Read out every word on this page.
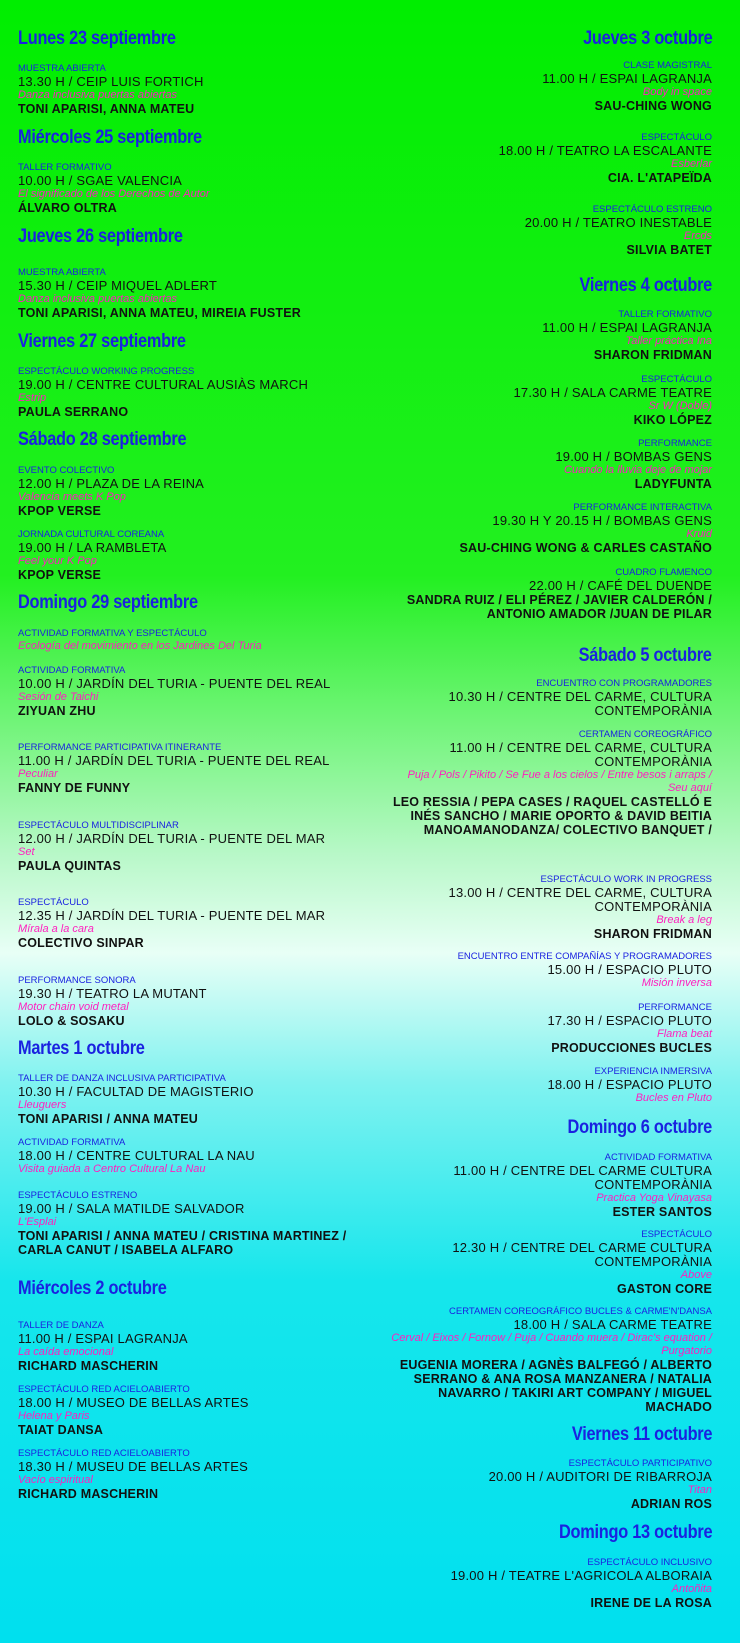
Lunes 23 septiembre
MUESTRA ABIERTA
13.30 H / CEIP LUIS FORTICH
Danza inclusiva puertas abiertas
TONI APARISI, ANNA MATEU
Miércoles 25 septiembre
TALLER FORMATIVO
10.00 H / SGAE VALENCIA
El significado de los Derechos de Autor
ÁLVARO OLTRA
Jueves 26 septiembre
MUESTRA ABIERTA
15.30 H / CEIP MIQUEL ADLERT
Danza inclusiva puertas abiertas
TONI APARISI, ANNA MATEU, MIREIA FUSTER
Viernes 27 septiembre
ESPECTÁCULO WORKING PROGRESS
19.00 H / CENTRE CULTURAL AUSIÀS MARCH
Estrip
PAULA SERRANO
Sábado 28 septiembre
EVENTO COLECTIVO
12.00 H / PLAZA DE LA REINA
Valencia meets K Pop
KPOP VERSE
JORNADA CULTURAL COREANA
19.00 H / LA RAMBLETA
Feel your K Pop
KPOP VERSE
Domingo 29 septiembre
ACTIVIDAD FORMATIVA Y ESPECTÁCULO
Ecología del movimiento en los Jardines Del Turia
ACTIVIDAD FORMATIVA
10.00 H / JARDÍN DEL TURIA - PUENTE DEL REAL
Sesión de Taichi
ZIYUAN ZHU
PERFORMANCE PARTICIPATIVA ITINERANTE
11.00 H / JARDÍN DEL TURIA - PUENTE DEL REAL
Peculiar
FANNY DE FUNNY
ESPECTÁCULO MULTIDISCIPLINAR
12.00 H / JARDÍN DEL TURIA - PUENTE DEL MAR
Set
PAULA QUINTAS
ESPECTÁCULO
12.35 H / JARDÍN DEL TURIA - PUENTE DEL MAR
Mírala a la cara
COLECTIVO SINPAR
PERFORMANCE SONORA
19.30 H / TEATRO LA MUTANT
Motor chain void metal
LOLO & SOSAKU
Martes 1 octubre
TALLER DE DANZA INCLUSIVA PARTICIPATIVA
10.30 H / FACULTAD DE MAGISTERIO
Lleuguers
TONI APARISI / ANNA MATEU
ACTIVIDAD FORMATIVA
18.00 H / CENTRE CULTURAL LA NAU
Visita guiada a Centro Cultural La Nau
ESPECTÁCULO ESTRENO
19.00 H / SALA MATILDE SALVADOR
L'Esplai
TONI APARISI / ANNA MATEU / CRISTINA MARTINEZ / CARLA CANUT / ISABELA ALFARO
Miércoles 2 octubre
TALLER DE DANZA
11.00 H / ESPAI LAGRANJA
La caída emocional
RICHARD MASCHERIN
ESPECTÁCULO RED ACIELOABIERTO
18.00 H / MUSEO DE BELLAS ARTES
Helena y Paris
TAIAT DANSA
ESPECTÁCULO RED ACIELOABIERTO
18.30 H / MUSEU DE BELLAS ARTES
Vacío espiritual
RICHARD MASCHERIN
Jueves 3 octubre
CLASE MAGISTRAL
11.00 H / ESPAI LAGRANJA
Body in space
SAU-CHING WONG
ESPECTÁCULO
18.00 H / TEATRO LA ESCALANTE
Esberlar
CIA. L'ATAPEÏDA
ESPECTÁCULO ESTRENO
20.00 H / TEATRO INESTABLE
Ercds
SILVIA BATET
Viernes 4 octubre
TALLER FORMATIVO
11.00 H / ESPAI LAGRANJA
Taller práctica Ina
SHARON FRIDMAN
ESPECTÁCULO
17.30 H / SALA CARME TEATRE
Sr W (Doble)
KIKO LÓPEZ
PERFORMANCE
19.00 H / BOMBAS GENS
Cuando la lluvia deje de mojar
LADYFUNTA
PERFORMANCE INTERACTIVA
19.30 H Y 20.15 H / BOMBAS GENS
Kruid
SAU-CHING WONG & CARLES CASTAÑO
CUADRO FLAMENCO
22.00 H / CAFÉ DEL DUENDE
SANDRA RUIZ / ELI PÉREZ / JAVIER CALDERÓN / ANTONIO AMADOR /JUAN DE PILAR
Sábado 5 octubre
ENCUENTRO CON PROGRAMADORES
10.30 H / CENTRE DEL CARME, CULTURA CONTEMPORÀNIA
CERTAMEN COREOGRÁFICO
11.00 H / CENTRE DEL CARME, CULTURA CONTEMPORÀNIA
Puja / Pols / Pikito / Se Fue a los cielos / Entre besos i arraps / Seu aquí
LEO RESSIA / PEPA CASES / RAQUEL CASTELLÓ E INÉS SANCHO / MARIE OPORTO & DAVID BEITIA MANOAMANODANZA/ COLECTIVO BANQUET /
ESPECTÁCULO WORK IN PROGRESS
13.00 H / CENTRE DEL CARME, CULTURA CONTEMPORÀNIA
Break a leg
SHARON FRIDMAN
ENCUENTRO ENTRE COMPAÑÍAS Y PROGRAMADORES
15.00 H / ESPACIO PLUTO
Misión inversa
PERFORMANCE
17.30 H / ESPACIO PLUTO
Flama beat
PRODUCCIONES BUCLES
EXPERIENCIA INMERSIVA
18.00 H / ESPACIO PLUTO
Bucles en Pluto
Domingo 6 octubre
ACTIVIDAD FORMATIVA
11.00 H / CENTRE DEL CARME CULTURA CONTEMPORÀNIA
Practica Yoga Vinayasa
ESTER SANTOS
ESPECTÁCULO
12.30 H / CENTRE DEL CARME CULTURA CONTEMPORÀNIA
Above
GASTON CORE
CERTAMEN COREOGRÁFICO BUCLES & CARME'N'DANSA
18.00 H / SALA CARME TEATRE
Cerval / Eixos / Fornow / Puja / Cuando muera / Dirac's equation / Purgatorio
EUGENIA MORERA / AGNÈS BALFEGÓ / ALBERTO SERRANO & ANA ROSA MANZANERA / NATALIA NAVARRO / TAKIRI ART COMPANY / MIGUEL MACHADO
Viernes 11 octubre
ESPECTÁCULO PARTICIPATIVO
20.00 H / AUDITORI DE RIBARROJA
Titan
ADRIAN ROS
Domingo 13 octubre
ESPECTÁCULO INCLUSIVO
19.00 H / TEATRE L'AGRICOLA ALBORAIA
Antoñita
IRENE DE LA ROSA
